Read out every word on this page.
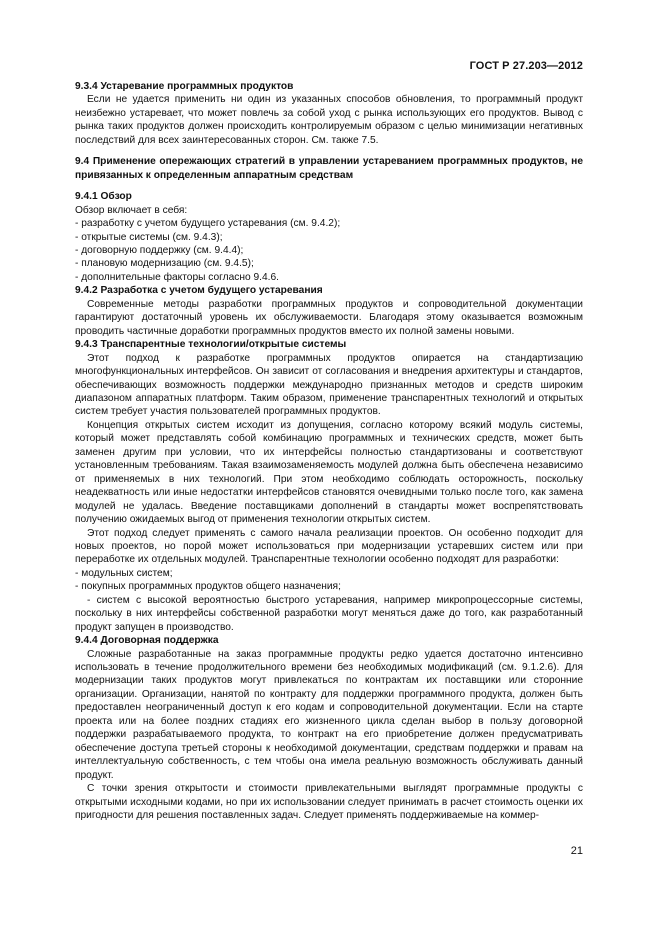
ГОСТ Р 27.203—2012

9.3.4 Устаревание программных продуктов

Если не удается применить ни один из указанных способов обновления, то программный продукт неизбежно устаревает, что может повлечь за собой уход с рынка использующих его продуктов. Вывод с рынка таких продуктов должен происходить контролируемым образом с целью минимизации негативных последствий для всех заинтересованных сторон. См. также 7.5.

9.4 Применение опережающих стратегий в управлении устареванием программных продуктов, не привязанных к определенным аппаратным средствам

9.4.1 Обзор

Обзор включает в себя:

- разработку с учетом будущего устаревания (см. 9.4.2);
- открытые системы (см. 9.4.3);
- договорную поддержку (см. 9.4.4);
- плановую модернизацию (см. 9.4.5);
- дополнительные факторы согласно 9.4.6.

9.4.2 Разработка с учетом будущего устаревания

Современные методы разработки программных продуктов и сопроводительной документации гарантируют достаточный уровень их обслуживаемости. Благодаря этому оказывается возможным проводить частичные доработки программных продуктов вместо их полной замены новыми.

9.4.3 Транспарентные технологии/открытые системы

Этот подход к разработке программных продуктов опирается на стандартизацию многофункциональных интерфейсов. Он зависит от согласования и внедрения архитектуры и стандартов, обеспечивающих возможность поддержки международно признанных методов и средств широким диапазоном аппаратных платформ. Таким образом, применение транспарентных технологий и открытых систем требует участия пользователей программных продуктов.

Концепция открытых систем исходит из допущения, согласно которому всякий модуль системы, который может представлять собой комбинацию программных и технических средств, может быть заменен другим при условии, что их интерфейсы полностью стандартизованы и соответствуют установленным требованиям. Такая взаимозаменяемость модулей должна быть обеспечена независимо от применяемых в них технологий. При этом необходимо соблюдать осторожность, поскольку неадекватность или иные недостатки интерфейсов становятся очевидными только после того, как замена модулей не удалась. Введение поставщиками дополнений в стандарты может воспрепятствовать получению ожидаемых выгод от применения технологии открытых систем.

Этот подход следует применять с самого начала реализации проектов. Он особенно подходит для новых проектов, но порой может использоваться при модернизации устаревших систем или при переработке их отдельных модулей. Транспарентные технологии особенно подходят для разработки:

- модульных систем;
- покупных программных продуктов общего назначения;
- систем с высокой вероятностью быстрого устаревания, например микропроцессорные системы, поскольку в них интерфейсы собственной разработки могут меняться даже до того, как разработанный продукт запущен в производство.

9.4.4 Договорная поддержка

Сложные разработанные на заказ программные продукты редко удается достаточно интенсивно использовать в течение продолжительного времени без необходимых модификаций (см. 9.1.2.6). Для модернизации таких продуктов могут привлекаться по контрактам их поставщики или сторонние организации. Организации, нанятой по контракту для поддержки программного продукта, должен быть предоставлен неограниченный доступ к его кодам и сопроводительной документации. Если на старте проекта или на более поздних стадиях его жизненного цикла сделан выбор в пользу договорной поддержки разрабатываемого продукта, то контракт на его приобретение должен предусматривать обеспечение доступа третьей стороны к необходимой документации, средствам поддержки и правам на интеллектуальную собственность, с тем чтобы она имела реальную возможность обслуживать данный продукт.

С точки зрения открытости и стоимости привлекательными выглядят программные продукты с открытыми исходными кодами, но при их использовании следует принимать в расчет стоимость оценки их пригодности для решения поставленных задач. Следует применять поддерживаемые на коммер-

21
